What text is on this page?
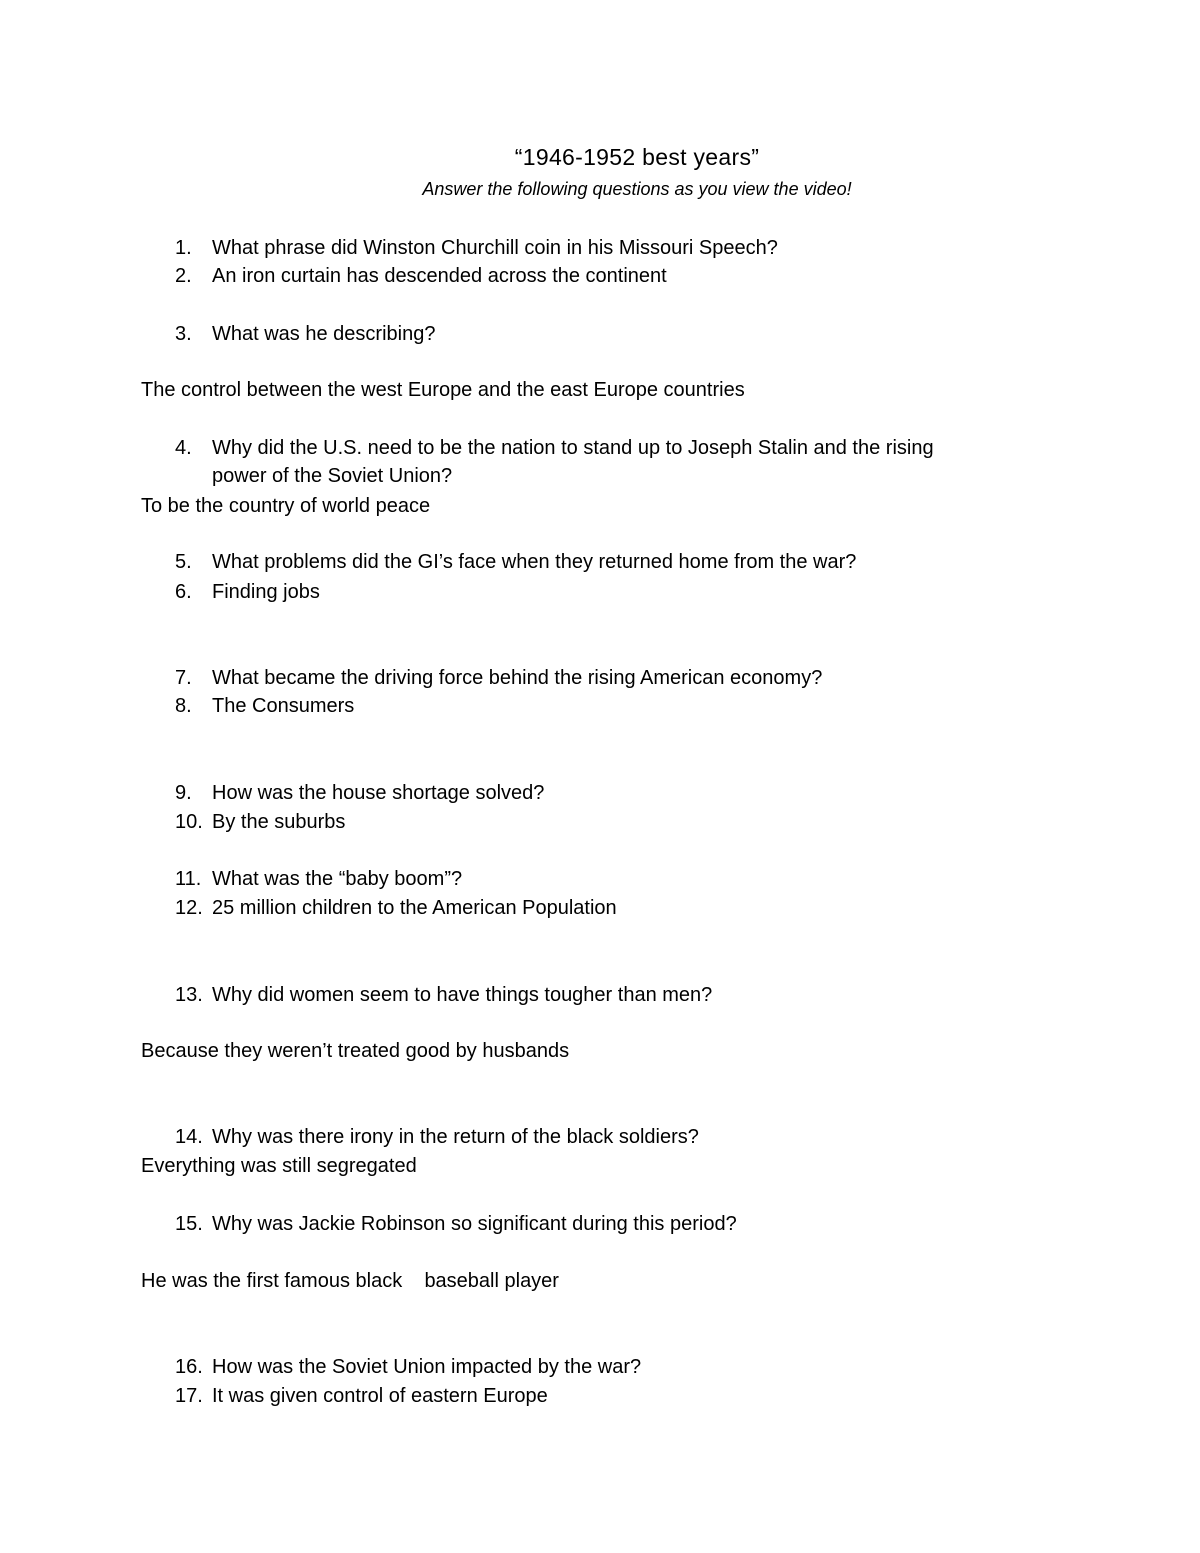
“1946-1952 best years”
Answer the following questions as you view the video!
1.	What phrase did Winston Churchill coin in his Missouri Speech?
2.	An iron curtain has descended across the continent
3.	What was he describing?
The control between the west Europe and the east Europe countries
4.	Why did the U.S. need to be the nation to stand up to Joseph Stalin and the rising
power of the Soviet Union?
To be the country of world peace
5.	What problems did the GI’s face when they returned home from the war?
6.	Finding jobs
7.	What became the driving force behind the rising American economy?
8.	The Consumers
9.	How was the house shortage solved?
10. By the suburbs
11. What was the “baby boom”?
12. 25 million children to the American Population
13. Why did women seem to have things tougher than men?
Because they weren’t treated good by husbands
14. Why was there irony in the return of the black soldiers?
Everything was still segregated
15. Why was Jackie Robinson so significant during this period?
He was the first famous black    baseball player
16. How was the Soviet Union impacted by the war?
17. It was given control of eastern Europe
